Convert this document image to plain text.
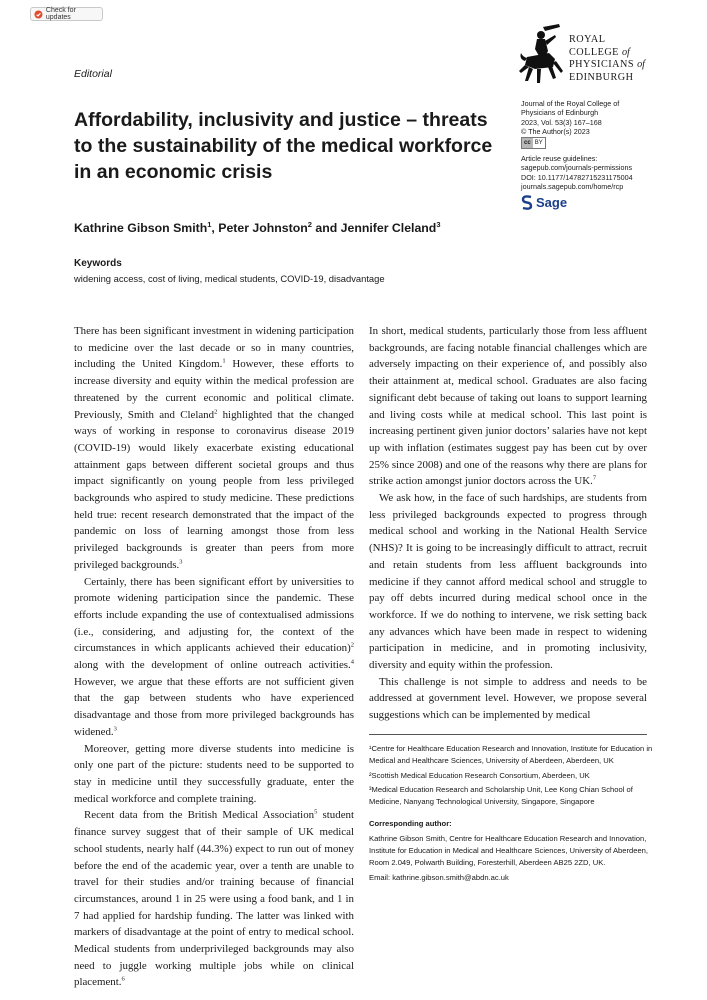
Check for updates
Editorial
Affordability, inclusivity and justice – threats to the sustainability of the medical workforce in an economic crisis
ROYAL
COLLEGE of
PHYSICIANS of
EDINBURGH
Journal of the Royal College of
Physicians of Edinburgh
2023, Vol. 53(3) 167–168
© The Author(s) 2023
cc BY
Article reuse guidelines:
sagepub.com/journals-permissions
DOI: 10.1177/14782715231175004
journals.sagepub.com/home/rcp
Sage
Kathrine Gibson Smith$^1$, Peter Johnston$^2$ and Jennifer Cleland$^3$
Keywords
widening access, cost of living, medical students, COVID-19, disadvantage

There has been significant investment in widening participation to medicine over the last decade or so in many countries, including the United Kingdom.$^1$ However, these efforts to increase diversity and equity within the medical profession are threatened by the current economic and political climate. Previously, Smith and Cleland$^2$ highlighted that the changed ways of working in response to coronavirus disease 2019 (COVID-19) would likely exacerbate existing educational attainment gaps between different societal groups and thus impact significantly on young people from less privileged backgrounds who aspired to study medicine. These predictions held true: recent research demonstrated that the impact of the pandemic on loss of learning amongst those from less privileged backgrounds is greater than peers from more privileged backgrounds.$^3$

Certainly, there has been significant effort by universities to promote widening participation since the pandemic. These efforts include expanding the use of contextualised admissions (i.e., considering, and adjusting for, the context of the circumstances in which applicants achieved their education)$^2$ along with the development of online outreach activities.$^4$ However, we argue that these efforts are not sufficient given that the gap between students who have experienced disadvantage and those from more privileged backgrounds has widened.$^3$

Moreover, getting more diverse students into medicine is only one part of the picture: students need to be supported to stay in medicine until they successfully graduate, enter the medical workforce and complete training.

Recent data from the British Medical Association$^5$ student finance survey suggest that of their sample of UK medical school students, nearly half (44.3%) expect to run out of money before the end of the academic year, over a tenth are unable to travel for their studies and/or training because of financial circumstances, around 1 in 25 were using a food bank, and 1 in 7 had applied for hardship funding. The latter was linked with markers of disadvantage at the point of entry to medical school. Medical students from underprivileged backgrounds may also need to juggle working multiple jobs while on clinical placement.$^6$

In short, medical students, particularly those from less affluent backgrounds, are facing notable financial challenges which are adversely impacting on their experience of, and possibly also their attainment at, medical school. Graduates are also facing significant debt because of taking out loans to support learning and living costs while at medical school. This last point is increasing pertinent given junior doctors’ salaries have not kept up with inflation (estimates suggest pay has been cut by over 25% since 2008) and one of the reasons why there are plans for strike action amongst junior doctors across the UK.$^7$

We ask how, in the face of such hardships, are students from less privileged backgrounds expected to progress through medical school and working in the National Health Service (NHS)? It is going to be increasingly difficult to attract, recruit and retain students from less affluent backgrounds into medicine if they cannot afford medical school and struggle to pay off debts incurred during medical school once in the workforce. If we do nothing to intervene, we risk setting back any advances which have been made in respect to widening participation in medicine, and in promoting inclusivity, diversity and equity within the profession.

This challenge is not simple to address and needs to be addressed at government level. However, we propose several suggestions which can be implemented by medical

¹Centre for Healthcare Education Research and Innovation, Institute for Education in Medical and Healthcare Sciences, University of Aberdeen, Aberdeen, UK
²Scottish Medical Education Research Consortium, Aberdeen, UK
³Medical Education Research and Scholarship Unit, Lee Kong Chian School of Medicine, Nanyang Technological University, Singapore, Singapore
Corresponding author:
Kathrine Gibson Smith, Centre for Healthcare Education Research and Innovation, Institute for Education in Medical and Healthcare Sciences, University of Aberdeen, Room 2.049, Polwarth Building, Foresterhill, Aberdeen AB25 2ZD, UK.
Email: kathrine.gibson.smith@abdn.ac.uk
